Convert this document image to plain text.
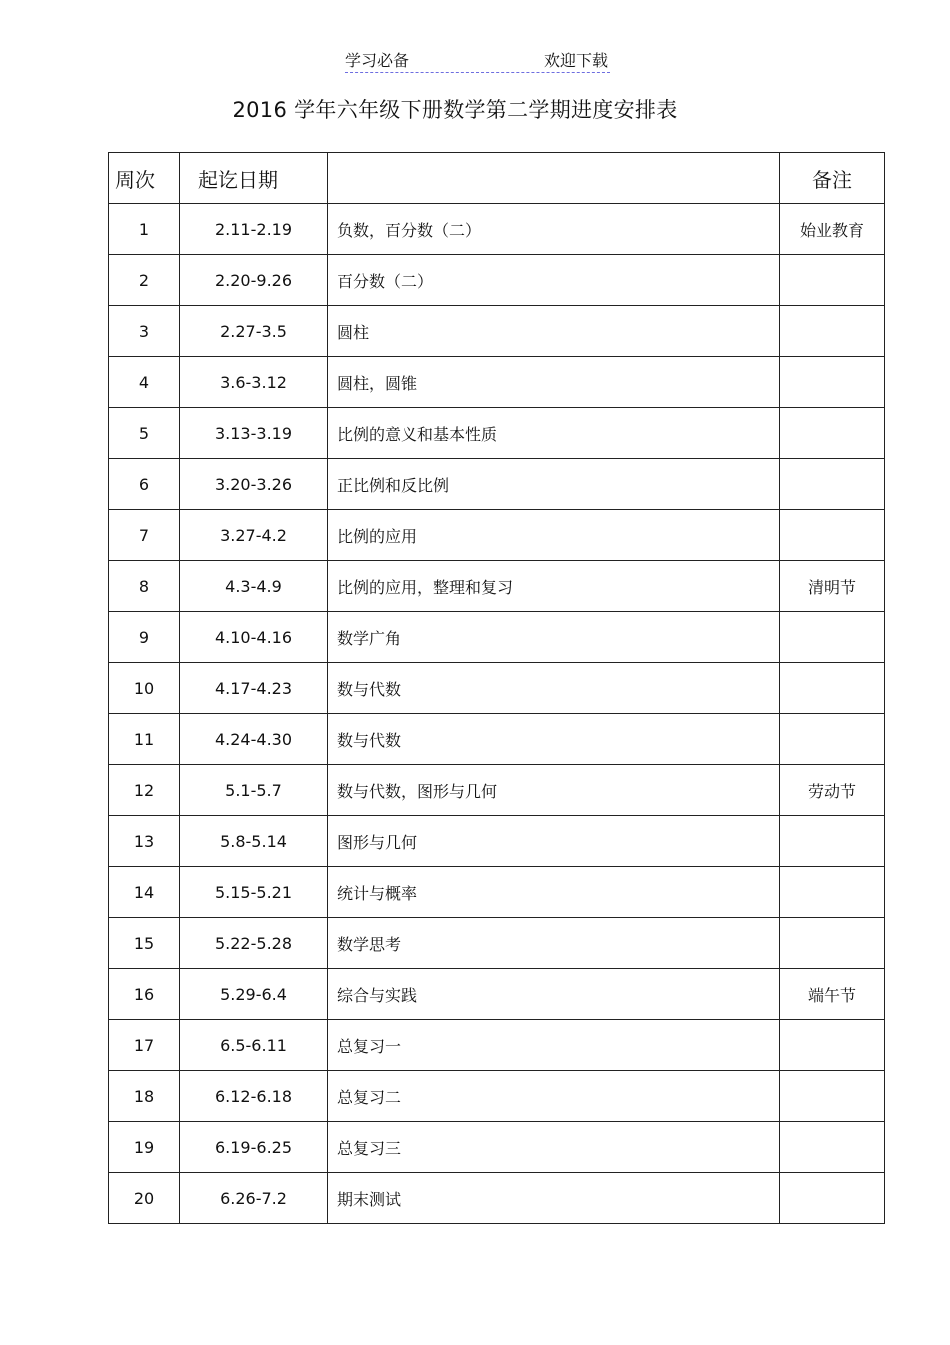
学习必备	欢迎下载
2016 学年六年级下册数学第二学期进度安排表
周次	起讫日期		备注
1	2.11-2.19	负数，百分数（二）	始业教育
2	2.20-9.26	百分数（二）	
3	2.27-3.5	圆柱	
4	3.6-3.12	圆柱，圆锥	
5	3.13-3.19	比例的意义和基本性质	
6	3.20-3.26	正比例和反比例	
7	3.27-4.2	比例的应用	
8	4.3-4.9	比例的应用，整理和复习	清明节
9	4.10-4.16	数学广角	
10	4.17-4.23	数与代数	
11	4.24-4.30	数与代数	
12	5.1-5.7	数与代数，图形与几何	劳动节
13	5.8-5.14	图形与几何	
14	5.15-5.21	统计与概率	
15	5.22-5.28	数学思考	
16	5.29-6.4	综合与实践	端午节
17	6.5-6.11	总复习一	
18	6.12-6.18	总复习二	
19	6.19-6.25	总复习三	
20	6.26-7.2	期末测试	
